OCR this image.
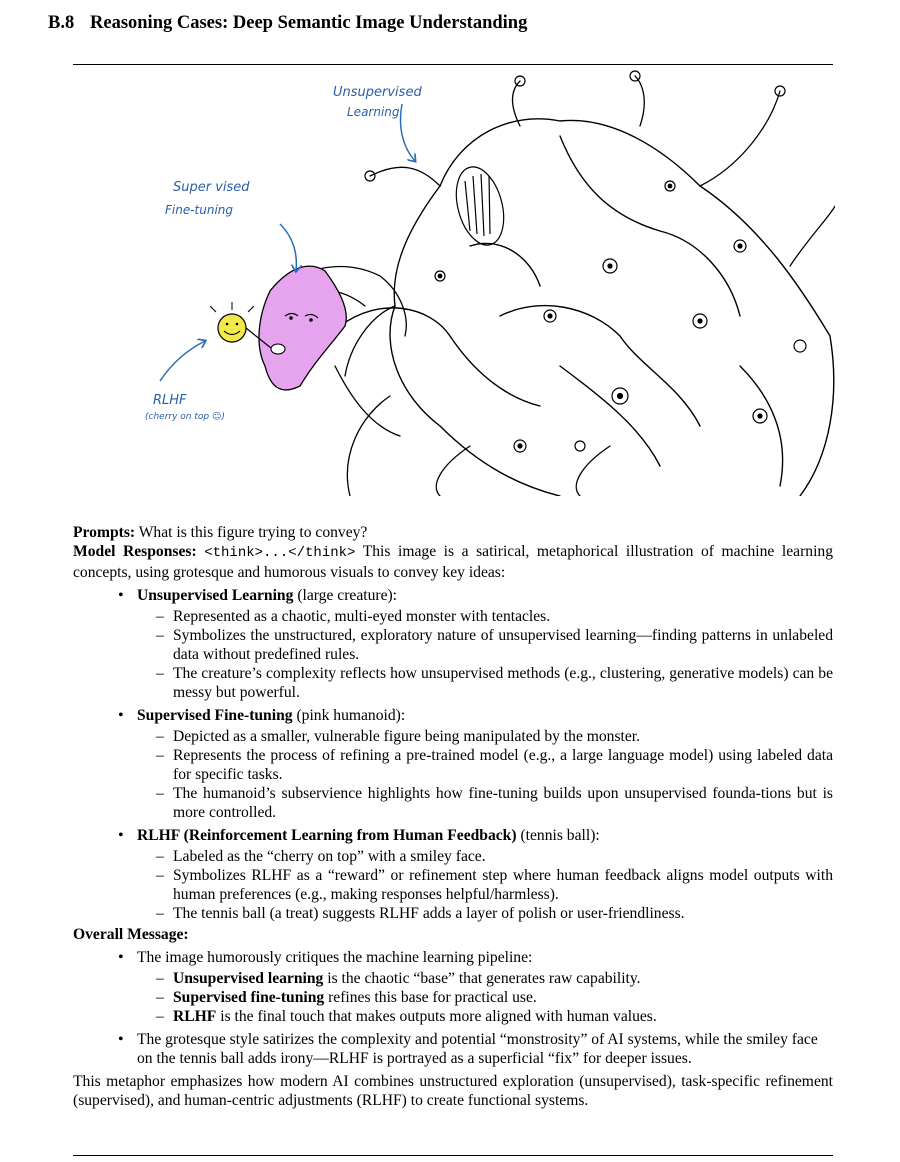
B.8 Reasoning Cases: Deep Semantic Image Understanding
Unsupervised
Learning
Super vised
Fine-tuning
RLHF
(cherry on top ☺)

Prompts: What is this figure trying to convey?

Model Responses: <think>...</think> This image is a satirical, metaphorical illustration of machine learning concepts, using grotesque and humorous visuals to convey key ideas:

• Unsupervised Learning (large creature):
– Represented as a chaotic, multi-eyed monster with tentacles.
– Symbolizes the unstructured, exploratory nature of unsupervised learning—finding patterns in unlabeled data without predefined rules.
– The creature’s complexity reflects how unsupervised methods (e.g., clustering, generative models) can be messy but powerful.
• Supervised Fine-tuning (pink humanoid):
– Depicted as a smaller, vulnerable figure being manipulated by the monster.
– Represents the process of refining a pre-trained model (e.g., a large language model) using labeled data for specific tasks.
– The humanoid’s subservience highlights how fine-tuning builds upon unsupervised founda-tions but is more controlled.
• RLHF (Reinforcement Learning from Human Feedback) (tennis ball):
– Labeled as the “cherry on top” with a smiley face.
– Symbolizes RLHF as a “reward” or refinement step where human feedback aligns model outputs with human preferences (e.g., making responses helpful/harmless).
– The tennis ball (a treat) suggests RLHF adds a layer of polish or user-friendliness.

Overall Message:

• The image humorously critiques the machine learning pipeline:
– Unsupervised learning is the chaotic “base” that generates raw capability.
– Supervised fine-tuning refines this base for practical use.
– RLHF is the final touch that makes outputs more aligned with human values.
• The grotesque style satirizes the complexity and potential “monstrosity” of AI systems, while the smiley face on the tennis ball adds irony—RLHF is portrayed as a superficial “fix” for deeper issues.

This metaphor emphasizes how modern AI combines unstructured exploration (unsupervised), task-specific refinement (supervised), and human-centric adjustments (RLHF) to create functional systems.
